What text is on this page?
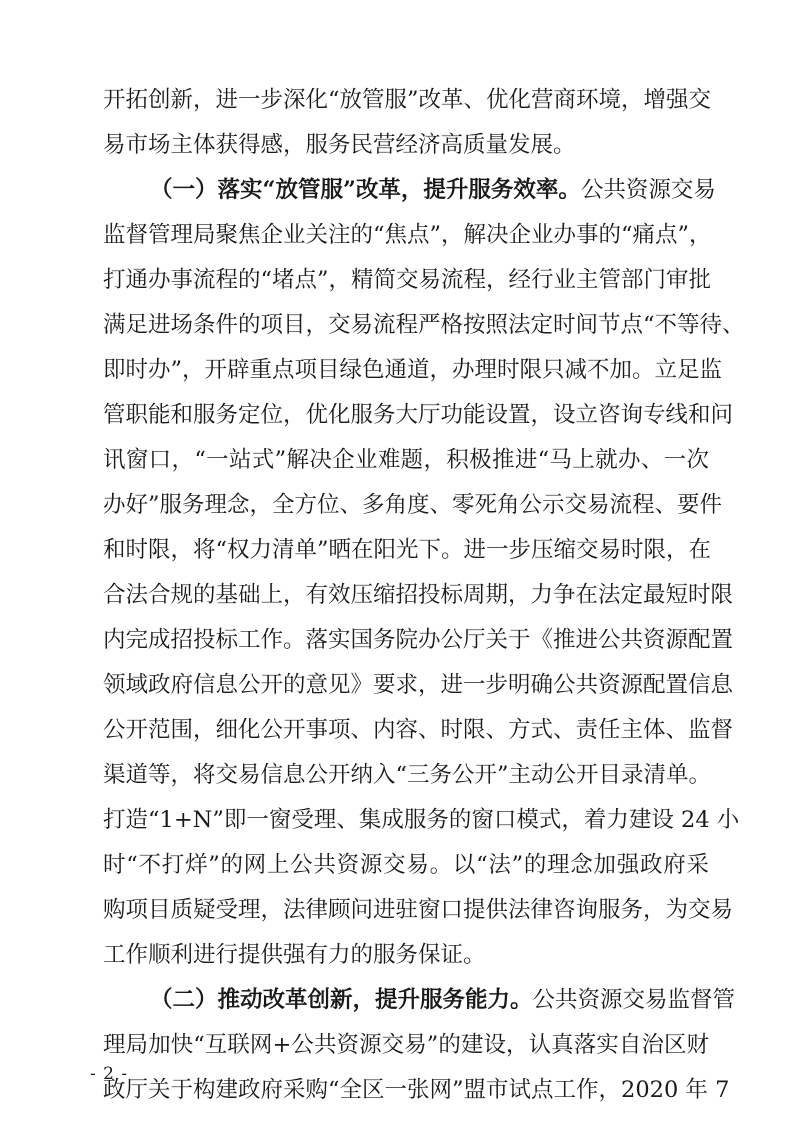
开拓创新，进一步深化“放管服”改革、优化营商环境，增强交
易市场主体获得感，服务民营经济高质量发展。
（一）落实“放管服”改革，提升服务效率。公共资源交易
监督管理局聚焦企业关注的“焦点”，解决企业办事的“痛点”，
打通办事流程的“堵点”，精简交易流程，经行业主管部门审批
满足进场条件的项目，交易流程严格按照法定时间节点“不等待、
即时办”，开辟重点项目绿色通道，办理时限只减不加。立足监
管职能和服务定位，优化服务大厅功能设置，设立咨询专线和问
讯窗口，“一站式”解决企业难题，积极推进“马上就办、一次
办好”服务理念，全方位、多角度、零死角公示交易流程、要件
和时限，将“权力清单”晒在阳光下。进一步压缩交易时限，在
合法合规的基础上，有效压缩招投标周期，力争在法定最短时限
内完成招投标工作。落实国务院办公厅关于《推进公共资源配置
领域政府信息公开的意见》要求，进一步明确公共资源配置信息
公开范围，细化公开事项、内容、时限、方式、责任主体、监督
渠道等，将交易信息公开纳入“三务公开”主动公开目录清单。
打造“1+N”即一窗受理、集成服务的窗口模式，着力建设 24 小
时“不打烊”的网上公共资源交易。以“法”的理念加强政府采
购项目质疑受理，法律顾问进驻窗口提供法律咨询服务，为交易
工作顺利进行提供强有力的服务保证。
（二）推动改革创新，提升服务能力。公共资源交易监督管
理局加快“互联网+公共资源交易”的建设，认真落实自治区财
政厅关于构建政府采购“全区一张网”盟市试点工作，2020 年 7
- 2 -
